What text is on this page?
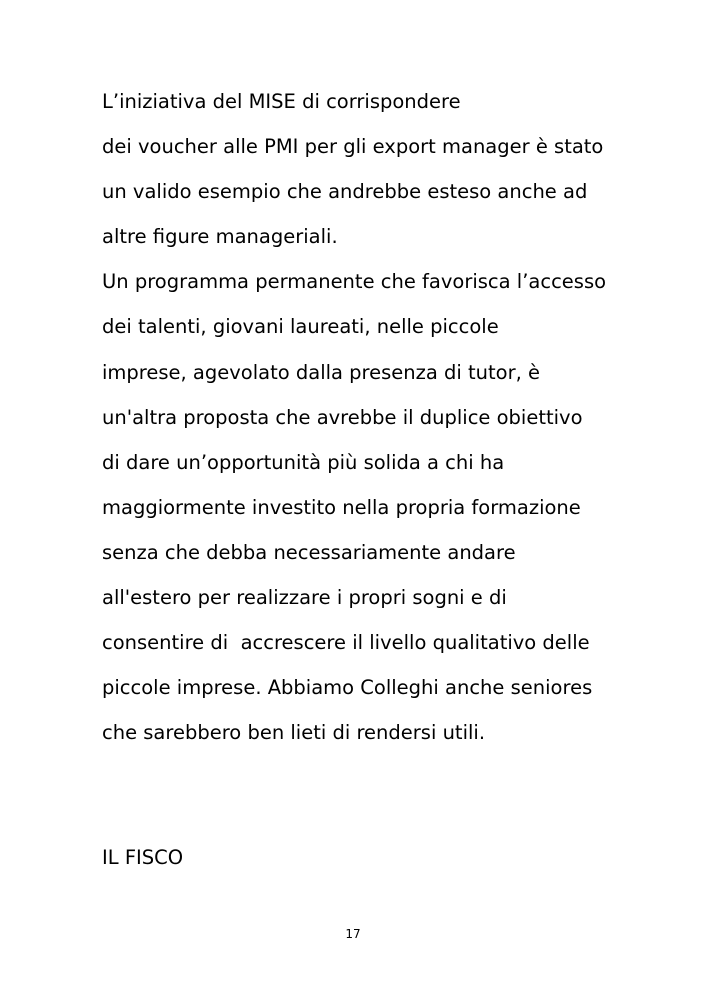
L’iniziativa del MISE di corrispondere
dei voucher alle PMI per gli export manager è stato
un valido esempio che andrebbe esteso anche ad
altre figure manageriali.
Un programma permanente che favorisca l’accesso
dei talenti, giovani laureati, nelle piccole
imprese, agevolato dalla presenza di tutor, è
un'altra proposta che avrebbe il duplice obiettivo
di dare un’opportunità più solida a chi ha
maggiormente investito nella propria formazione
senza che debba necessariamente andare
all'estero per realizzare i propri sogni e di
consentire di  accrescere il livello qualitativo delle
piccole imprese. Abbiamo Colleghi anche seniores
che sarebbero ben lieti di rendersi utili.
IL FISCO
17
